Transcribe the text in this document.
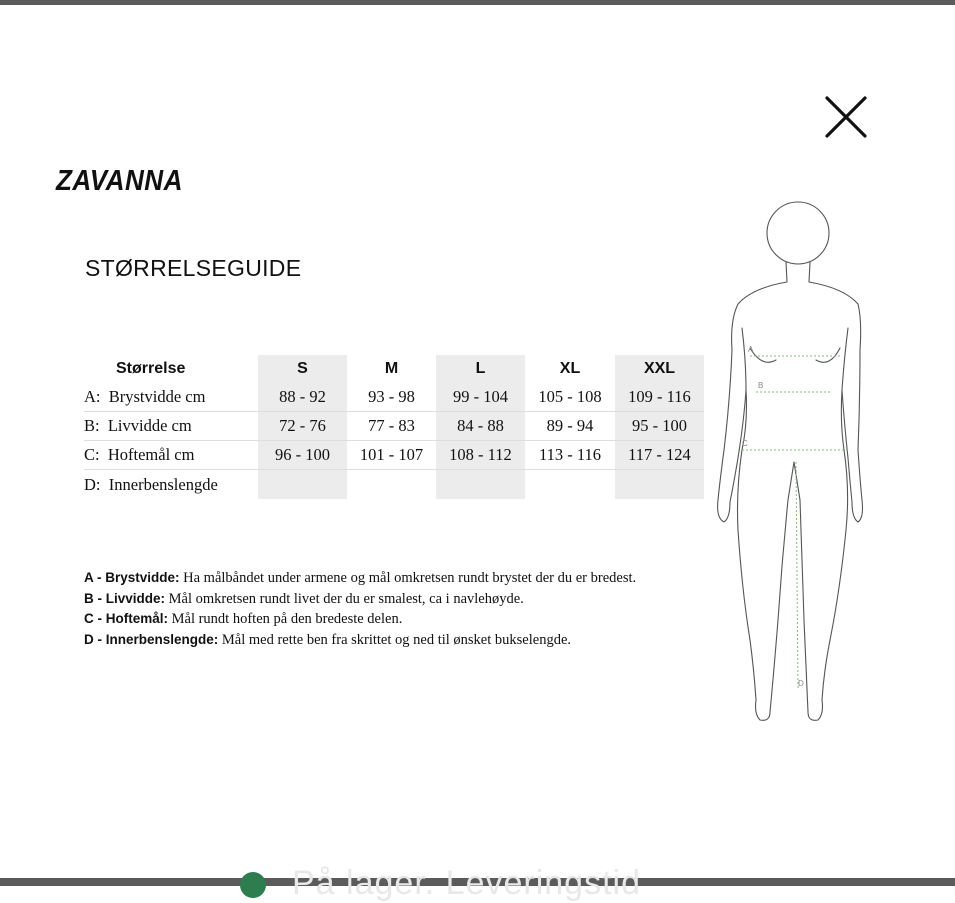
ZAVANNA
STØRRELSEGUIDE
Størrelse	S	M	L	XL	XXL
A: Brystvidde cm	88 - 92	93 - 98	99 - 104	105 - 108	109 - 116
B: Livvidde cm	72 - 76	77 - 83	84 - 88	89 - 94	95 - 100
C: Hoftemål cm	96 - 100	101 - 107	108 - 112	113 - 116	117 - 124
D: Innerbenslengde					

A - Brystvidde: Ha målbåndet under armene og mål omkretsen rundt brystet der du er bredest.

B - Livvidde: Mål omkretsen rundt livet der du er smalest, ca i navlehøyde.

C - Hoftemål: Mål rundt hoften på den bredeste delen.

D - Innerbenslengde: Mål med rette ben fra skrittet og ned til ønsket bukselengde.

A
B
C
D
På lager. Leveringstid
